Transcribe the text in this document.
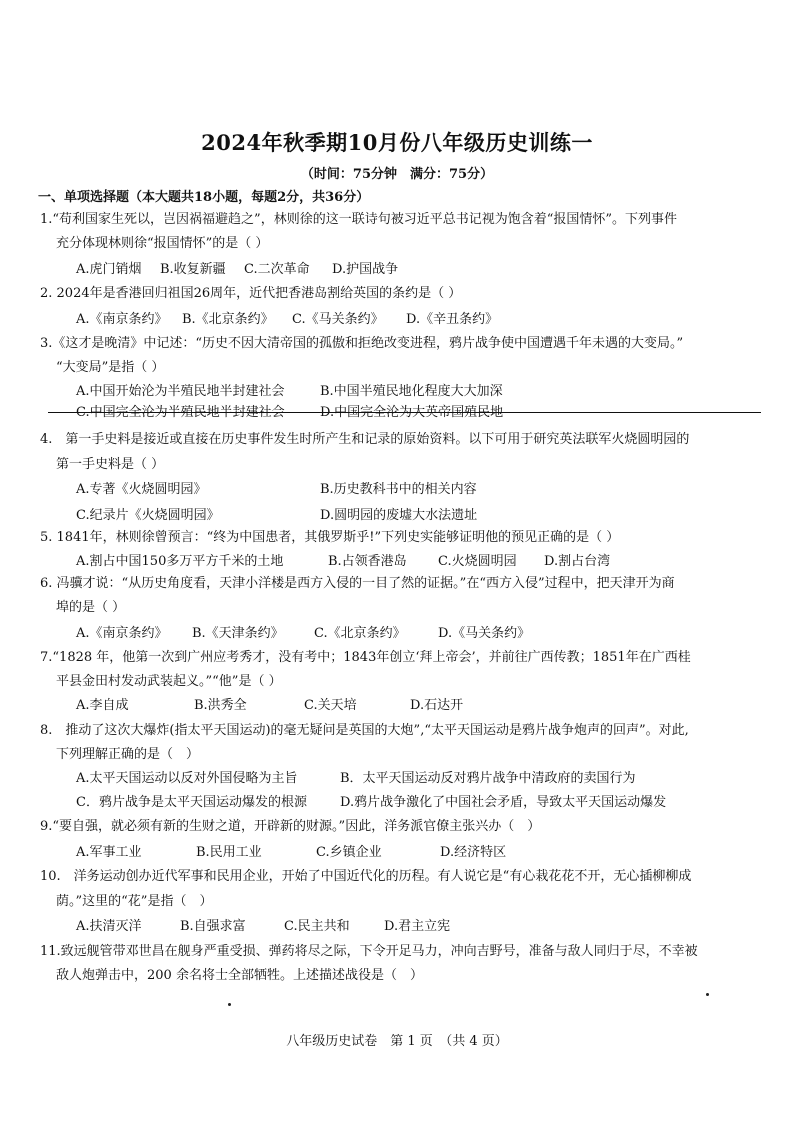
2024年秋季期10月份八年级历史训练一
（时间：75分钟　满分：75分）
一、单项选择题（本大题共18小题，每题2分，共36分）
1.“苟利国家生死以，岂因祸福避趋之”，林则徐的这一联诗句被习近平总书记视为饱含着“报国情怀”。下列事件
充分体现林则徐“报国情怀”的是（ ）
A.虎门销烟 B.收复新疆 C.二次革命 D.护国战争
2. 2024年是香港回归祖国26周年，近代把香港岛割给英国的条约是（ ）
A.《南京条约》 B.《北京条约》 C.《马关条约》 D.《辛丑条约》
3.《这才是晚清》中记述：“历史不因大清帝国的孤傲和拒绝改变进程，鸦片战争使中国遭遇千年未遇的大变局。”
“大变局”是指（ ）
A.中国开始沦为半殖民地半封建社会	B.中国半殖民地化程度大大加深
C.中国完全沦为半殖民地半封建社会	D.中国完全沦为大英帝国殖民地
4.　第一手史料是接近或直接在历史事件发生时所产生和记录的原始资料。以下可用于研究英法联军火烧圆明园的
第一手史料是（ ）
A.专著《火烧圆明园》	B.历史教科书中的相关内容
C.纪录片《火烧圆明园》	D.圆明园的废墟大水法遗址
5. 1841年，林则徐曾预言：“终为中国患者，其俄罗斯乎!”下列史实能够证明他的预见正确的是（ ）
A.割占中国150多万平方千米的土地	B.占领香港岛 C.火烧圆明园 D.割占台湾
6. 冯骥才说：“从历史角度看，天津小洋楼是西方入侵的一目了然的证据。”在“西方入侵”过程中，把天津开为商
埠的是（ ）
A.《南京条约》 B.《天津条约》 C.《北京条约》 D.《马关条约》
7.“1828 年，他第一次到广州应考秀才，没有考中；1843年创立‘拜上帝会’，并前往广西传教；1851年在广西桂
平县金田村发动武装起义。”“他”是（ ）
A.李自成	B.洪秀全	C.关天培	D.石达开
8.　推动了这次大爆炸(指太平天国运动)的毫无疑问是英国的大炮”,“太平天国运动是鸦片战争炮声的回声”。对此,
下列理解正确的是（　）
A.太平天国运动以反对外国侵略为主旨	B．太平天国运动反对鸦片战争中清政府的卖国行为
C．鸦片战争是太平天国运动爆发的根源	D.鸦片战争激化了中国社会矛盾，导致太平天国运动爆发
9.“要自强，就必须有新的生财之道，开辟新的财源。”因此，洋务派官僚主张兴办（　）
A.军事工业	B.民用工业	C.乡镇企业	D.经济特区
10.　洋务运动创办近代军事和民用企业，开始了中国近代化的历程。有人说它是“有心栽花花不开，无心插柳柳成
荫。”这里的“花”是指（　）
A.扶清灭洋	B.自强求富	C.民主共和	D.君主立宪
11.致远舰管带邓世昌在舰身严重受损、弹药将尽之际，下令开足马力，冲向吉野号，准备与敌人同归于尽，不幸被
敌人炮弹击中，200 余名将士全部牺牲。上述描述战役是（　）
八年级历史试卷　第 1 页　（共 4 页）
